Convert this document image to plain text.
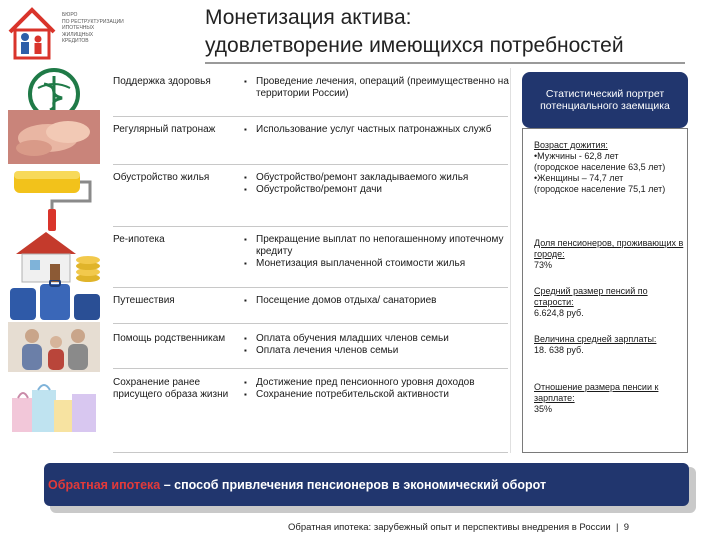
БЮРО
ПО РЕСТРУКТУРИЗАЦИИ
ИПОТЕЧНЫХ ЖИЛИЩНЫХ
КРЕДИТОВ
Монетизация актива:
удовлетворение имеющихся потребностей
Поддержка здоровья
Регулярный патронаж
Обустройство жилья
Ре-ипотека
Путешествия
Помощь родственникам
Сохранение ранее присущего образа жизни
▪ Проведение лечения, операций (преимущественно на территории России)
▪ Использование услуг частных патронажных служб
▪ Обустройство/ремонт закладываемого жилья
▪ Обустройство/ремонт дачи
▪ Прекращение выплат по непогашенному ипотечному кредиту
▪ Монетизация выплаченной стоимости жилья
▪ Посещение домов отдыха/ санаториев
▪ Оплата обучения младших членов семьи
▪ Оплата лечения членов семьи
▪ Достижение пред пенсионного уровня доходов
▪ Сохранение потребительской активности
Статистический портрет потенциального заемщика
Возраст дожития:
•Мужчины - 62,8 лет
(городское население 63,5 лет)
•Женщины – 74,7 лет
(городское население 75,1 лет)
Доля пенсионеров, проживающих в городе:
73%
Средний размер пенсий по старости:
6.624,8 руб.
Величина средней зарплаты:
18. 638 руб.
Отношение размера пенсии к зарплате:
35%
Обратная ипотека – способ привлечения пенсионеров в экономический оборот
Обратная ипотека: зарубежный опыт и перспективы внедрения в России  |  9
